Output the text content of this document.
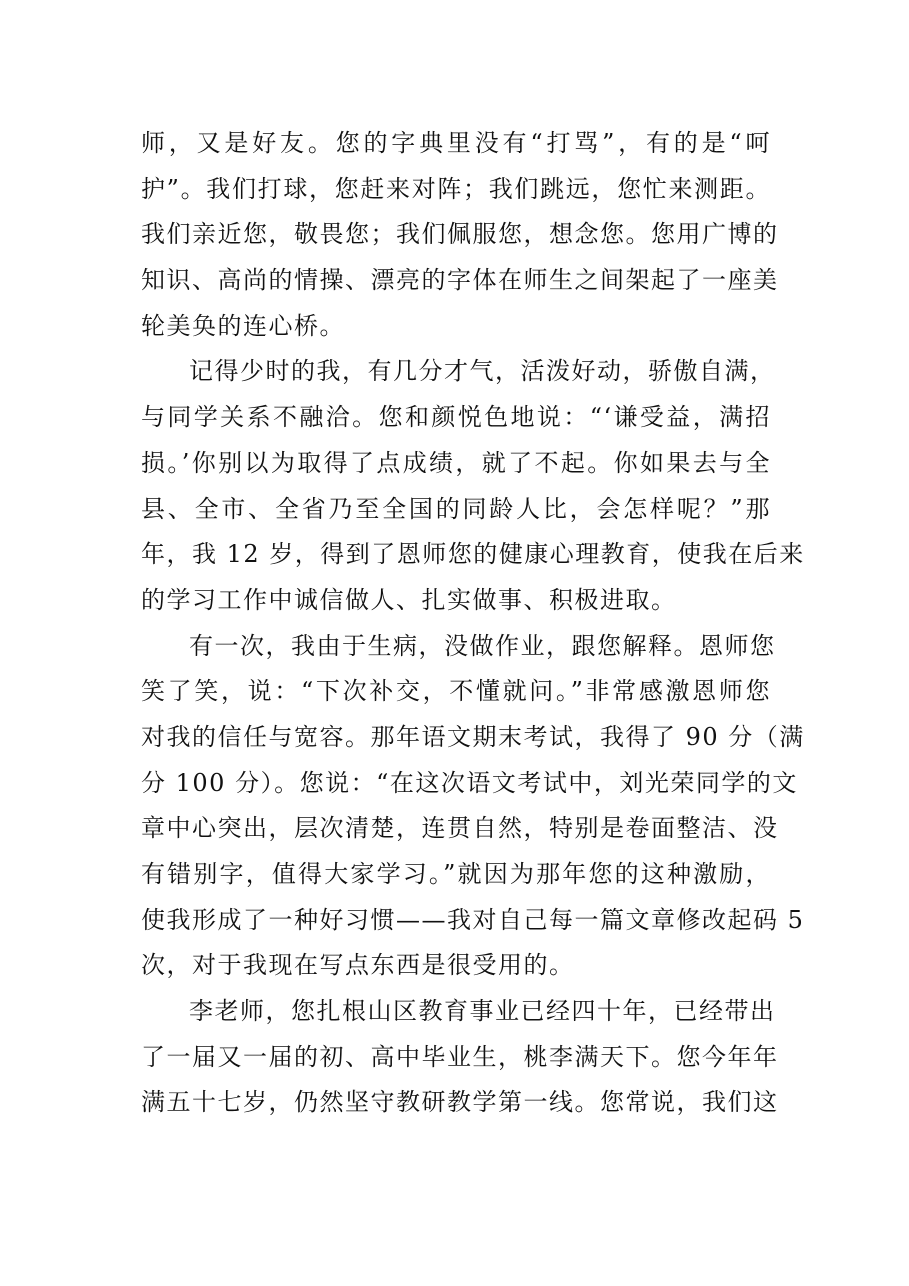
师，又是好友。您的字典里没有“打骂”，有的是“呵
护”。我们打球，您赶来对阵；我们跳远，您忙来测距。
我们亲近您，敬畏您；我们佩服您，想念您。您用广博的
知识、高尚的情操、漂亮的字体在师生之间架起了一座美
轮美奂的连心桥。
记得少时的我，有几分才气，活泼好动，骄傲自满，
与同学关系不融洽。您和颜悦色地说：“‘谦受益，满招
损。’你别以为取得了点成绩，就了不起。你如果去与全
县、全市、全省乃至全国的同龄人比，会怎样呢？”那
年，我 12 岁，得到了恩师您的健康心理教育，使我在后来
的学习工作中诚信做人、扎实做事、积极进取。
有一次，我由于生病，没做作业，跟您解释。恩师您
笑了笑，说：“下次补交，不懂就问。”非常感激恩师您
对我的信任与宽容。那年语文期末考试，我得了 90 分（满
分 100 分）。您说：“在这次语文考试中，刘光荣同学的文
章中心突出，层次清楚，连贯自然，特别是卷面整洁、没
有错别字，值得大家学习。”就因为那年您的这种激励，
使我形成了一种好习惯——我对自己每一篇文章修改起码 5
次，对于我现在写点东西是很受用的。
李老师，您扎根山区教育事业已经四十年，已经带出
了一届又一届的初、高中毕业生，桃李满天下。您今年年
满五十七岁，仍然坚守教研教学第一线。您常说，我们这
